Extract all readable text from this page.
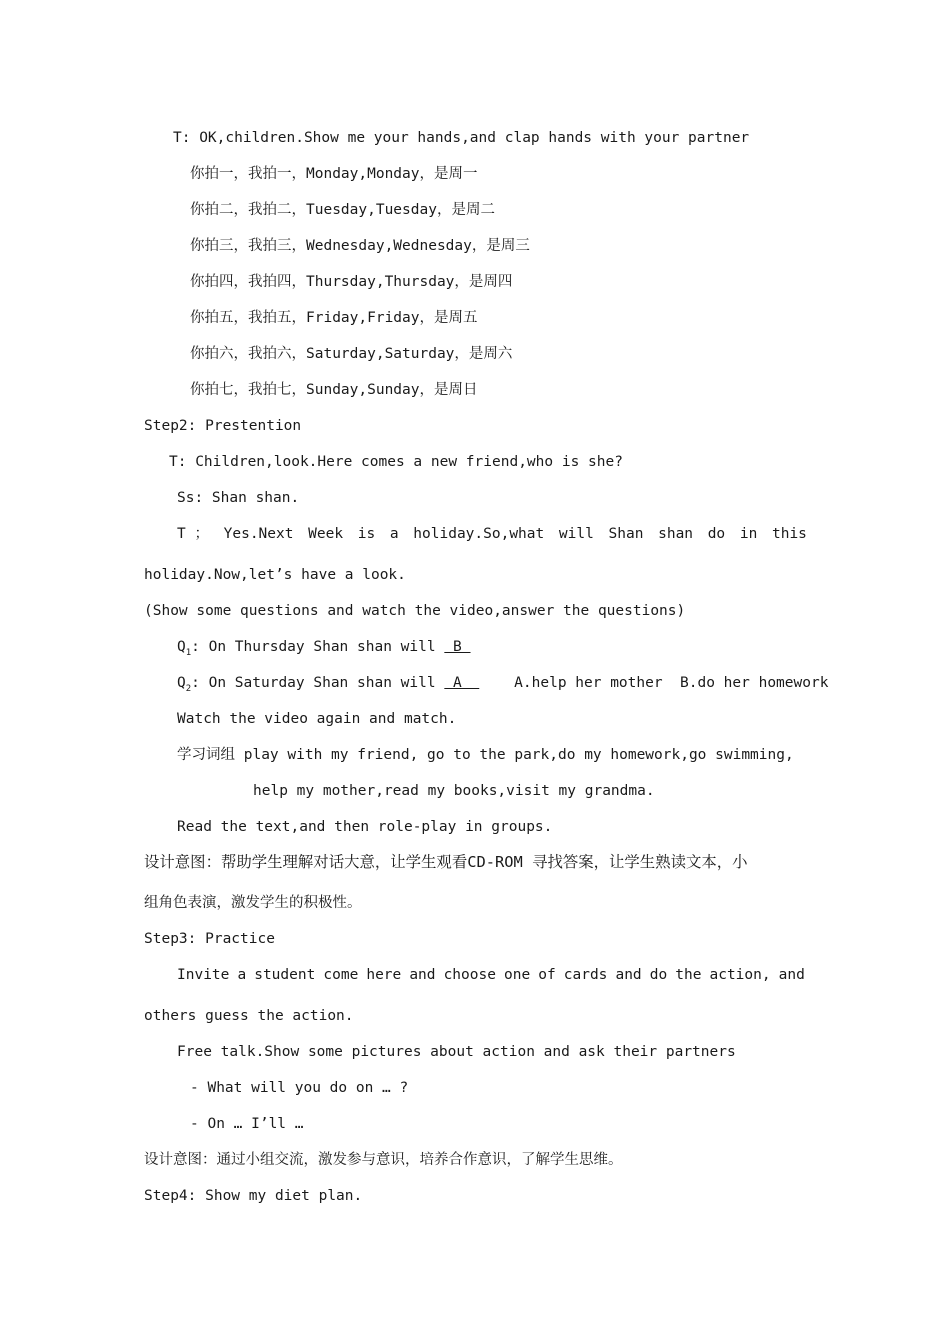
T: OK,children.Show me your hands,and clap hands with your partner
你拍一，我拍一，Monday,Monday，是周一
你拍二，我拍二，Tuesday,Tuesday，是周二
你拍三，我拍三，Wednesday,Wednesday，是周三
你拍四，我拍四，Thursday,Thursday，是周四
你拍五，我拍五，Friday,Friday，是周五
你拍六，我拍六，Saturday,Saturday，是周六
你拍七，我拍七，Sunday,Sunday，是周日
Step2: Prestention
T: Children,look.Here comes a new friend,who is she?
Ss: Shan shan.
T ； Yes.Next Week is a holiday.So,what will Shan shan do in this
holiday.Now,let’s have a look.
(Show some questions and watch the video,answer the questions)
$Q_1$: On Thursday Shan shan will  B
$Q_2$: On Saturday Shan shan will  A      A.help her mother  B.do her homework
Watch the video again and match.
学习词组 play with my friend, go to the park,do my homework,go swimming,
help my mother,read my books,visit my grandma.
Read the text,and then role-play in groups.
设计意图：帮助学生理解对话大意，让学生观看CD-ROM 寻找答案，让学生熟读文本，小
组角色表演，激发学生的积极性。
Step3: Practice
Invite a student come here and choose one of cards and do the action, and
others guess the action.
Free talk.Show some pictures about action and ask their partners
- What will you do on … ?
- On … I’ll …
设计意图：通过小组交流，激发参与意识，培养合作意识，了解学生思维。
Step4: Show my diet plan.
